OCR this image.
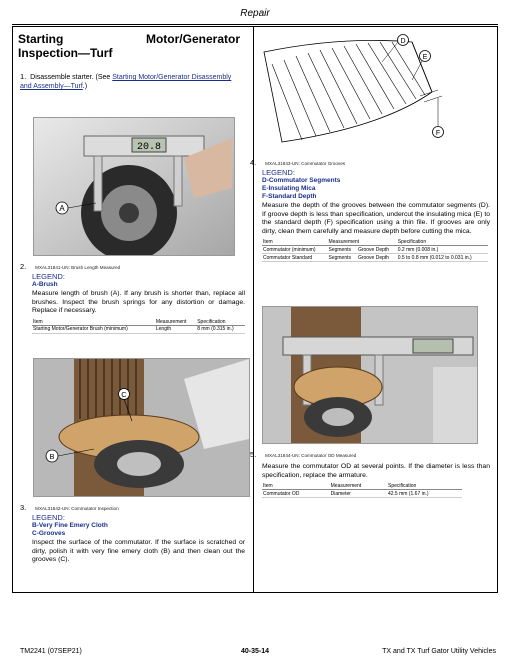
Repair
Starting	Motor/Generator

Inspection—Turf
1. Disassemble starter. (See Starting Motor/Generator Disassembly and Assembly—Turf.)
20.8
A
2. MXAL31841-UN: Brush Length Measured
LEGEND:
A-Brush
Measure length of brush (A). If any brush is shorter than, replace all brushes. Inspect the brush springs for any distortion or damage. Replace if necessary.
Item	Measurement	Specification
Starting Motor/Generator Brush (minimum)	Length	8 mm (0.315 in.)
C
B
3. MXAL31842-UN: Commutator Inspection
LEGEND:
B-Very Fine Emery Cloth
C-Grooves
Inspect the surface of the commutator. If the surface is scratched or dirty, polish it with very fine emery cloth (B) and then clean out the grooves (C).
D
E
F
4. MXAL31843-UN: Commutator Grooves
LEGEND:
D-Commutator Segments
E-Insulating Mica
F-Standard Depth
Measure the depth of the grooves between the commutator segments (D). If groove depth is less than specification, undercut the insulating mica (E) to the standard depth (F) specification using a thin file. If grooves are only dirty, clean them carefully and measure depth before cutting the mica.
Item	Measurement		Specification
Commutator (minimum)	Segments	Groove Depth	0.2 mm (0.008 in.)
Commutator Standard	Segments	Groove Depth	0.5 to 0.8 mm (0.012 to 0.031 in.)
5. MXAL31844-UN: Commutator OD Measured
Measure the commutator OD at several points. If the diameter is less than specification, replace the armature.
Item	Measurement	Specification
Commutator OD	Diameter	42.5 mm (1.67 in.)
TM2241 (07SEP21)	40-35-14	TX and TX Turf Gator Utility Vehicles
